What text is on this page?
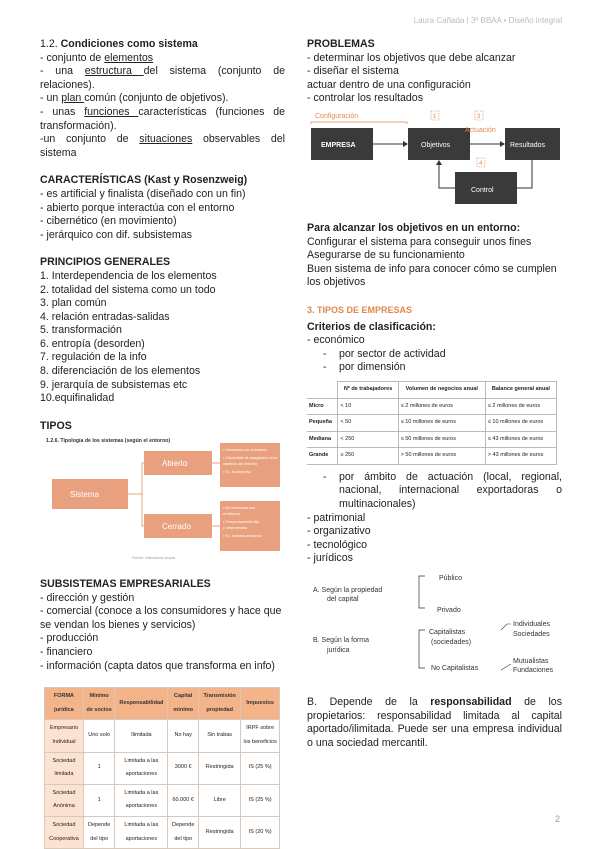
Laura Cañada | 3º BBAA • Diseño integral
1.2. Condiciones como sistema
- conjunto de elementos
- una estructura del sistema (conjunto de relaciones).
- un plan común (conjunto de objetivos).
- unas funciones características (funciones de transformación).
-un conjunto de situaciones observables del sistema
CARACTERÍSTICAS (Kast y Rosenzweig)
- es artificial y finalista (diseñado con un fin)
- abierto porque interactúa con el entorno
- cibernético (en movimiento)
- jerárquico con dif. subsistemas
PRINCIPIOS GENERALES
1. Interdependencia de los elementos
2. totalidad del sistema como un todo
3. plan común
4. relación entradas-salidas
5. transformación
6. entropía (desorden)
7. regulación de la info
8. diferenciación de los elementos
9. jerarquía de subsistemas etc
10.equifinalidad
TIPOS
1.2.6. Tipología de los sistemas (según el entorno)
Sistema
Abierto
Cerrado
• Interactúa con el entorno
• Capacidad de adaptación a los
cambios del entorno
• Ej.: la empresa
• No interactúa con
el entorno
• Comportamiento fijo
y determinado
• Ej.: sistema mecánico
Fuente: elaboración propia
SUBSISTEMAS EMPRESARIALES
- dirección y gestión
- comercial (conoce a los consumidores y hace que se vendan los bienes y servicios)
- producción
- financiero
- información (capta datos que transforma en info)
FORMA jurídica	Mínimo de socios	Responsabilidad	Capital mínimo	Transmisión propiedad	Impuestos
Empresario Individual	Uno solo	Ilimitada	No hay	Sin trabas	IRPF sobre los beneficios
Sociedad limitada	1	Limitada a las aportaciones	3000 €	Restringida	IS (25 %)
Sociedad Anónima	1	Limitada a las aportaciones	60.000 €	Libre	IS (25 %)
Sociedad Cooperativa	Depende del tipo	Limitada a las aportaciones	Depende del tipo	Restringida	IS (20 %)
PROBLEMAS
- determinar los objetivos que debe alcanzar
- diseñar el sistema
actuar dentro de una configuración
- controlar los resultados
Configuración
EMPRESA	Objetivos
1	3
Actuación
Resultados
Control
4
Para alcanzar los objetivos en un entorno:
Configurar el sistema para conseguir unos fines
Asegurarse de su funcionamiento
Buen sistema de info para conocer cómo se cumplen los objetivos
3. TIPOS DE EMPRESAS
Criterios de clasificación:
- económico
- por sector de actividad
- por dimensión
	Nº de trabajadores	Volumen de negocios anual	Balance general anual
Micro	< 10	≤ 2 millones de euros	≤ 2 millones de euros
Pequeña	< 50	≤ 10 millones de euros	≤ 10 millones de euros
Mediana	< 250	≤ 50 millones de euros	≤ 43 millones de euros
Grande	≥ 250	> 50 millones de euros	> 43 millones de euros
- por ámbito de actuación (local, regional, nacional, internacional exportadoras o multinacionales)
- patrimonial
- organizativo
- tecnológico
- jurídicos
A. Según la propiedad
del capital
Público
Privado
B. Según la forma
jurídica
Capitalistas
(sociedades)
Individuales
Sociedades
No Capitalistas
Mutualistas
Fundaciones
B. Depende de la responsabilidad de los propietarios: responsabilidad limitada al capital aportado/ilimitada. Puede ser una empresa individual o una sociedad mercantil.
2
